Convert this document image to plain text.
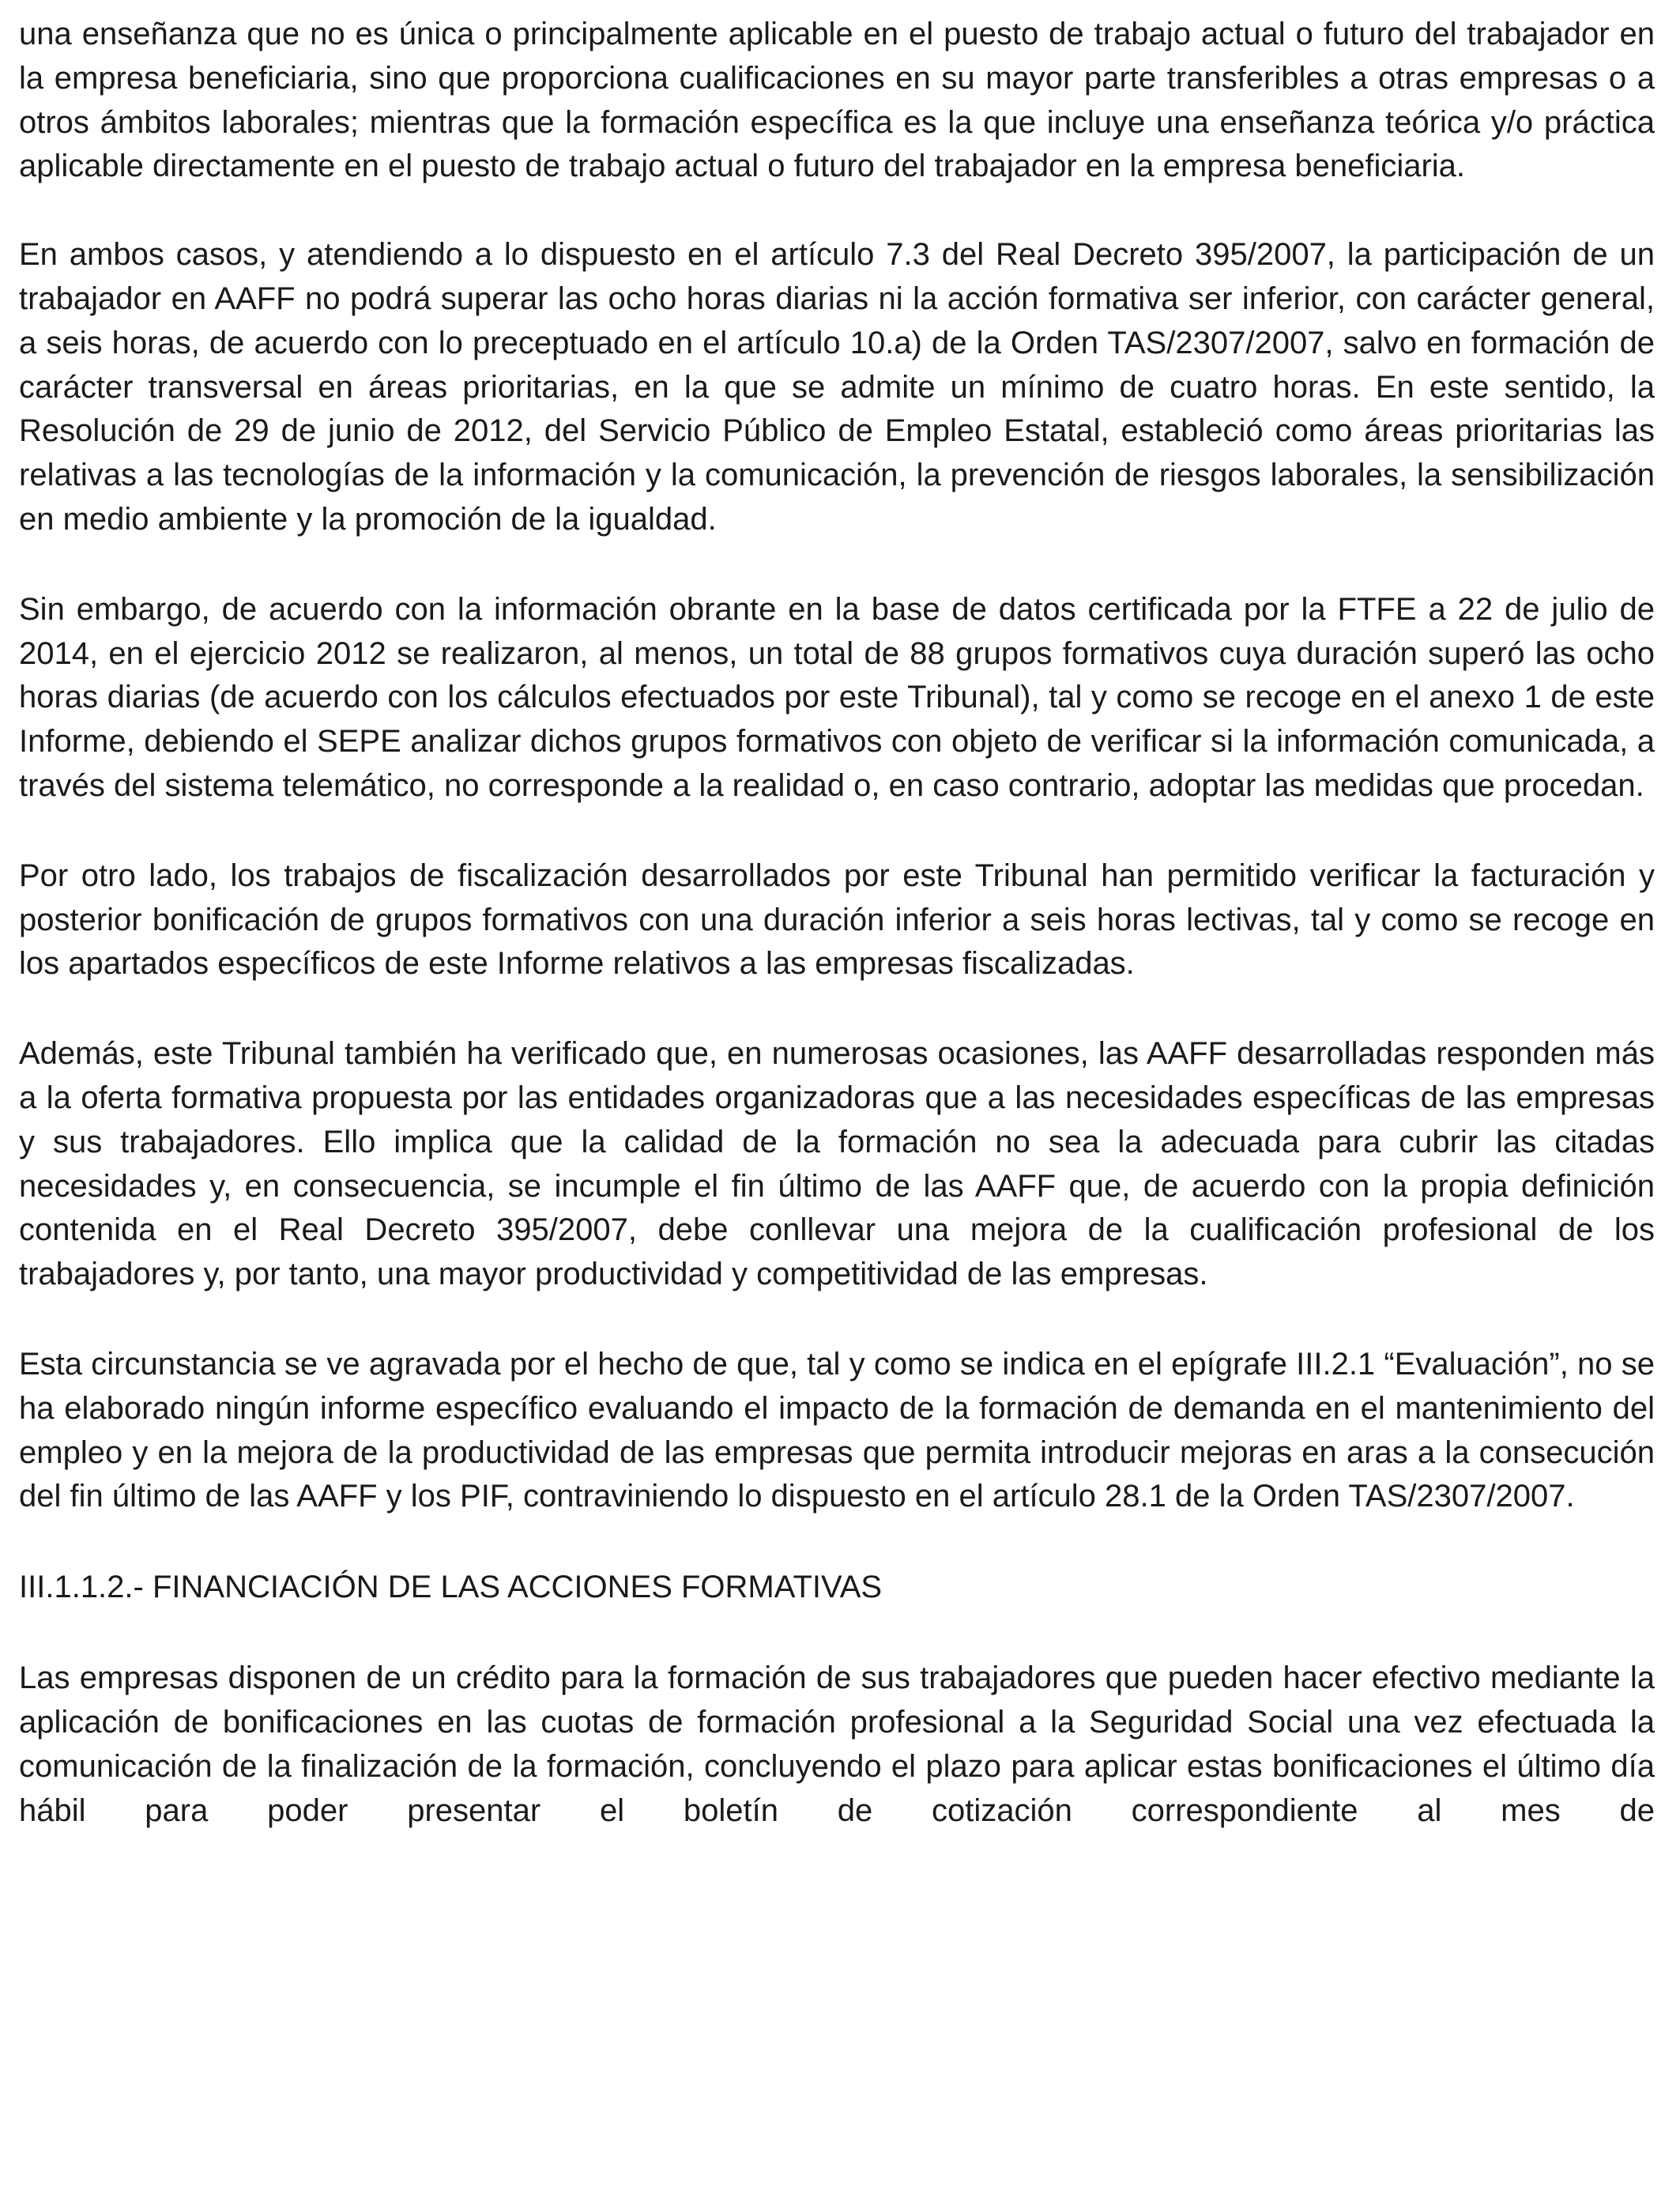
una enseñanza que no es única o principalmente aplicable en el puesto de trabajo actual o futuro del trabajador en la empresa beneficiaria, sino que proporciona cualificaciones en su mayor parte transferibles a otras empresas o a otros ámbitos laborales; mientras que la formación específica es la que incluye una enseñanza teórica y/o práctica aplicable directamente en el puesto de trabajo actual o futuro del trabajador en la empresa beneficiaria.

En ambos casos, y atendiendo a lo dispuesto en el artículo 7.3 del Real Decreto 395/2007, la participación de un trabajador en AAFF no podrá superar las ocho horas diarias ni la acción formativa ser inferior, con carácter general, a seis horas, de acuerdo con lo preceptuado en el artículo 10.a) de la Orden TAS/2307/2007, salvo en formación de carácter transversal en áreas prioritarias, en la que se admite un mínimo de cuatro horas. En este sentido, la Resolución de 29 de junio de 2012, del Servicio Público de Empleo Estatal, estableció como áreas prioritarias las relativas a las tecnologías de la información y la comunicación, la prevención de riesgos laborales, la sensibilización en medio ambiente y la promoción de la igualdad.

Sin embargo, de acuerdo con la información obrante en la base de datos certificada por la FTFE a 22 de julio de 2014, en el ejercicio 2012 se realizaron, al menos, un total de 88 grupos formativos cuya duración superó las ocho horas diarias (de acuerdo con los cálculos efectuados por este Tribunal), tal y como se recoge en el anexo 1 de este Informe, debiendo el SEPE analizar dichos grupos formativos con objeto de verificar si la información comunicada, a través del sistema telemático, no corresponde a la realidad o, en caso contrario, adoptar las medidas que procedan.

Por otro lado, los trabajos de fiscalización desarrollados por este Tribunal han permitido verificar la facturación y posterior bonificación de grupos formativos con una duración inferior a seis horas lectivas, tal y como se recoge en los apartados específicos de este Informe relativos a las empresas fiscalizadas.

Además, este Tribunal también ha verificado que, en numerosas ocasiones, las AAFF desarrolladas responden más a la oferta formativa propuesta por las entidades organizadoras que a las necesidades específicas de las empresas y sus trabajadores. Ello implica que la calidad de la formación no sea la adecuada para cubrir las citadas necesidades y, en consecuencia, se incumple el fin último de las AAFF que, de acuerdo con la propia definición contenida en el Real Decreto 395/2007, debe conllevar una mejora de la cualificación profesional de los trabajadores y, por tanto, una mayor productividad y competitividad de las empresas.

Esta circunstancia se ve agravada por el hecho de que, tal y como se indica en el epígrafe III.2.1 “Evaluación”, no se ha elaborado ningún informe específico evaluando el impacto de la formación de demanda en el mantenimiento del empleo y en la mejora de la productividad de las empresas que permita introducir mejoras en aras a la consecución del fin último de las AAFF y los PIF, contraviniendo lo dispuesto en el artículo 28.1 de la Orden TAS/2307/2007.

III.1.1.2.- FINANCIACIÓN DE LAS ACCIONES FORMATIVAS

Las empresas disponen de un crédito para la formación de sus trabajadores que pueden hacer efectivo mediante la aplicación de bonificaciones en las cuotas de formación profesional a la Seguridad Social una vez efectuada la comunicación de la finalización de la formación, concluyendo el plazo para aplicar estas bonificaciones el último día hábil para poder presentar el boletín de cotización correspondiente al mes de
